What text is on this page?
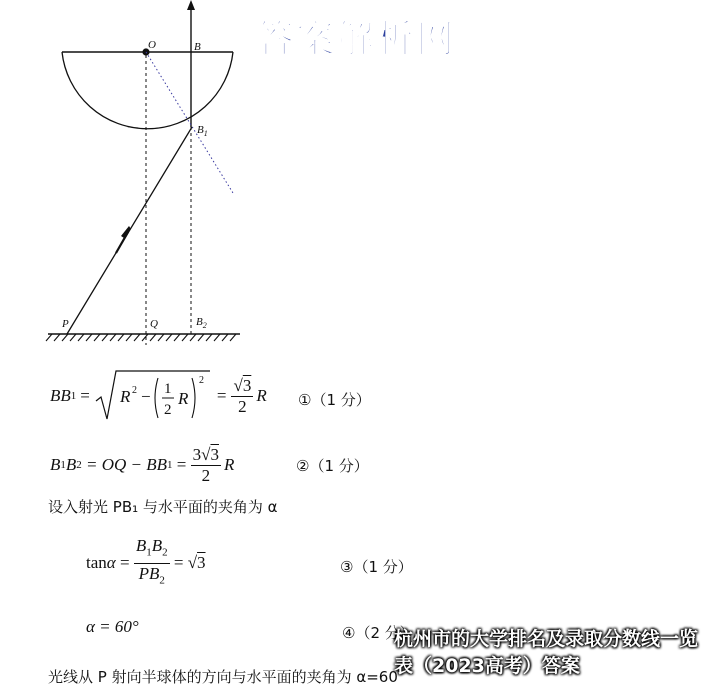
答案解析网
O	B
$B_1$
P	Q	$B_2$
BB 1 = R 2 − 1
2
R
2
= $\frac{√3}{2}$ R ①（1 分）
B 1 B 2 = OQ − BB $1 = \frac{3√3}{2}$ R	②（1 分）
设入射光 PB₁ 与水平面的夹角为 α
$\tan \alpha = \frac{B_1B_2}{PB_2} = √3$	③（1 分）
α = 60°	④（2 分）
光线从 P 射向半球体的方向与水平面的夹角为 α=60
杭州市的大学排名及录取分数线一览表（2023高考）答案
